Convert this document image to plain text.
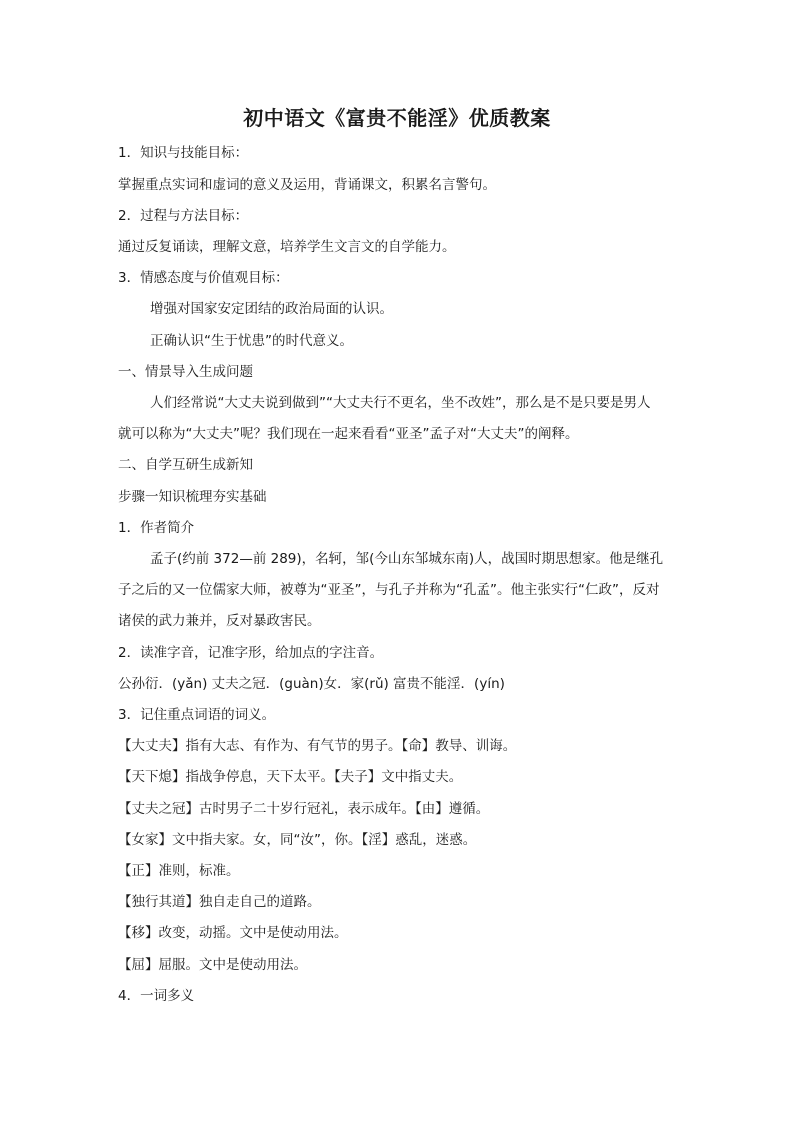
初中语文《富贵不能淫》优质教案
1．知识与技能目标：
掌握重点实词和虚词的意义及运用，背诵课文，积累名言警句。
2．过程与方法目标：
通过反复诵读，理解文意，培养学生文言文的自学能力。
3．情感态度与价值观目标：
增强对国家安定团结的政治局面的认识。
正确认识“生于忧患”的时代意义。
一、情景导入生成问题
人们经常说“大丈夫说到做到”“大丈夫行不更名，坐不改姓”，那么是不是只要是男人
就可以称为“大丈夫”呢？我们现在一起来看看“亚圣”孟子对“大丈夫”的阐释。
二、自学互研生成新知
步骤一知识梳理夯实基础
1．作者简介
孟子(约前 372—前 289)，名轲，邹(今山东邹城东南)人，战国时期思想家。他是继孔
子之后的又一位儒家大师，被尊为“亚圣”，与孔子并称为“孔孟”。他主张实行“仁政”，反对
诸侯的武力兼并，反对暴政害民。
2．读准字音，记准字形，给加点的字注音。
公孙衍．(yǎn) 丈夫之冠．(guàn)女．家(rǔ) 富贵不能淫．(yín)
3．记住重点词语的词义。
【大丈夫】指有大志、有作为、有气节的男子。【命】教导、训诲。
【天下熄】指战争停息，天下太平。【夫子】文中指丈夫。
【丈夫之冠】古时男子二十岁行冠礼，表示成年。【由】遵循。
【女家】文中指夫家。女，同“汝”，你。【淫】惑乱，迷惑。
【正】准则，标准。
【独行其道】独自走自己的道路。
【移】改变，动摇。文中是使动用法。
【屈】屈服。文中是使动用法。
4．一词多义
